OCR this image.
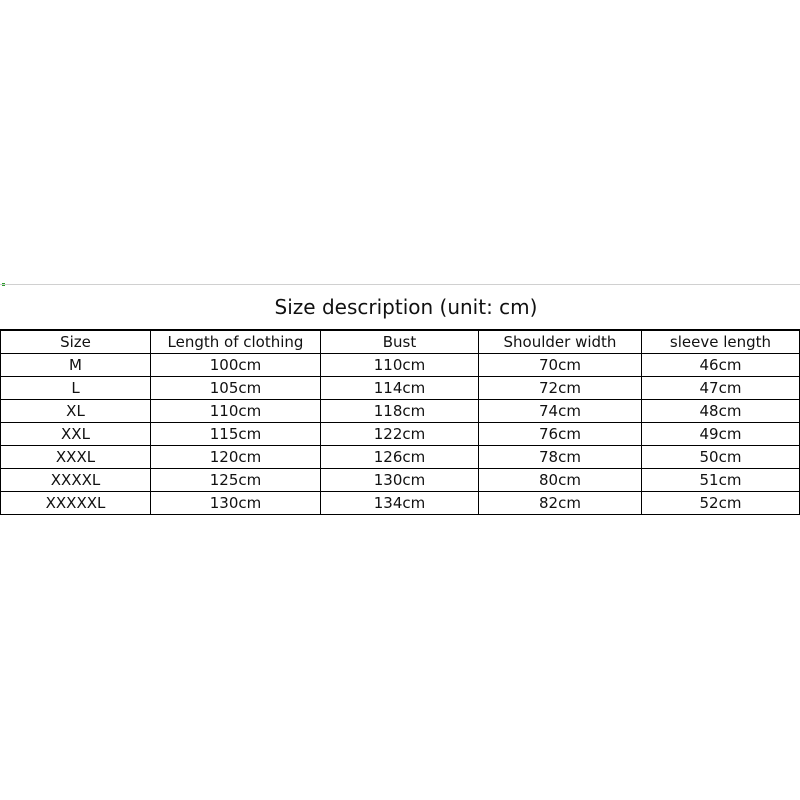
Size description (unit: cm)
Size	Length of clothing	Bust	Shoulder width	sleeve length
M	100cm	110cm	70cm	46cm
L	105cm	114cm	72cm	47cm
XL	110cm	118cm	74cm	48cm
XXL	115cm	122cm	76cm	49cm
XXXL	120cm	126cm	78cm	50cm
XXXXL	125cm	130cm	80cm	51cm
XXXXXL	130cm	134cm	82cm	52cm
